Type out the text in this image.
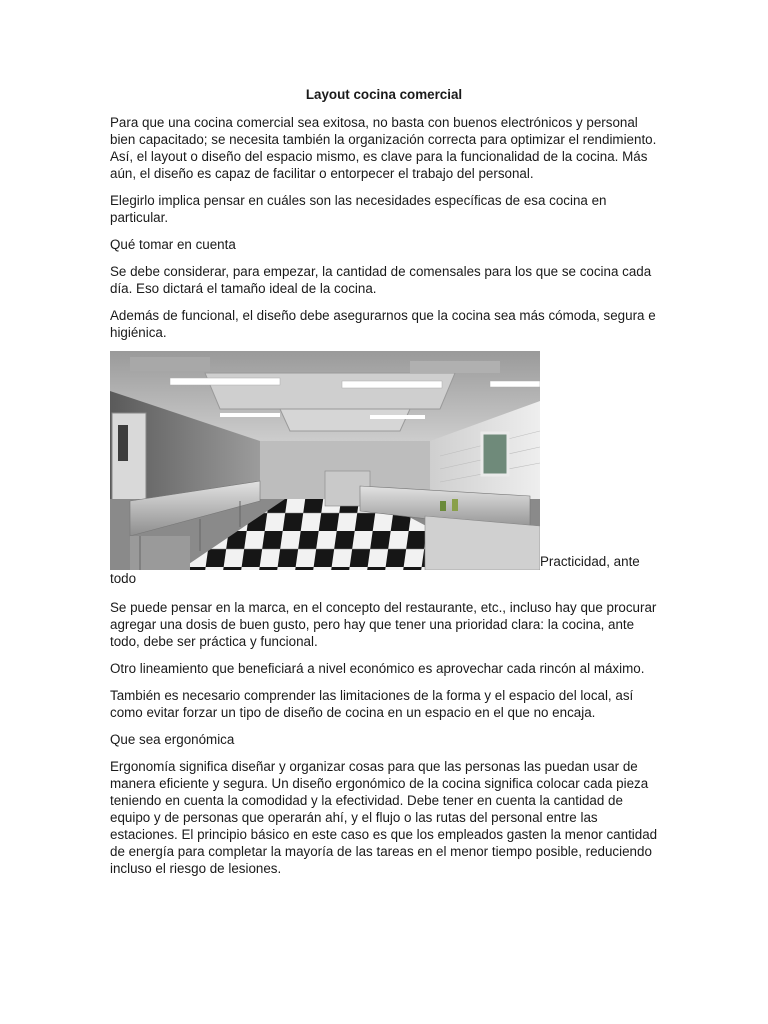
Layout cocina comercial

Para que una cocina comercial sea exitosa, no basta con buenos electrónicos y personal bien capacitado; se necesita también la organización correcta para optimizar el rendimiento. Así, el layout o diseño del espacio mismo, es clave para la funcionalidad de la cocina. Más aún, el diseño es capaz de facilitar o entorpecer el trabajo del personal.

Elegirlo implica pensar en cuáles son las necesidades específicas de esa cocina en particular.

Qué tomar en cuenta

Se debe considerar, para empezar, la cantidad de comensales para los que se cocina cada día. Eso dictará el tamaño ideal de la cocina.

Además de funcional, el diseño debe asegurarnos que la cocina sea más cómoda, segura e higiénica.

Practicidad, ante todo

Se puede pensar en la marca, en el concepto del restaurante, etc., incluso hay que procurar agregar una dosis de buen gusto, pero hay que tener una prioridad clara: la cocina, ante todo, debe ser práctica y funcional.

Otro lineamiento que beneficiará a nivel económico es aprovechar cada rincón al máximo.

También es necesario comprender las limitaciones de la forma y el espacio del local, así como evitar forzar un tipo de diseño de cocina en un espacio en el que no encaja.

Que sea ergonómica

Ergonomía significa diseñar y organizar cosas para que las personas las puedan usar de manera eficiente y segura. Un diseño ergonómico de la cocina significa colocar cada pieza teniendo en cuenta la comodidad y la efectividad. Debe tener en cuenta la cantidad de equipo y de personas que operarán ahí, y el flujo o las rutas del personal entre las estaciones. El principio básico en este caso es que los empleados gasten la menor cantidad de energía para completar la mayoría de las tareas en el menor tiempo posible, reduciendo incluso el riesgo de lesiones.
